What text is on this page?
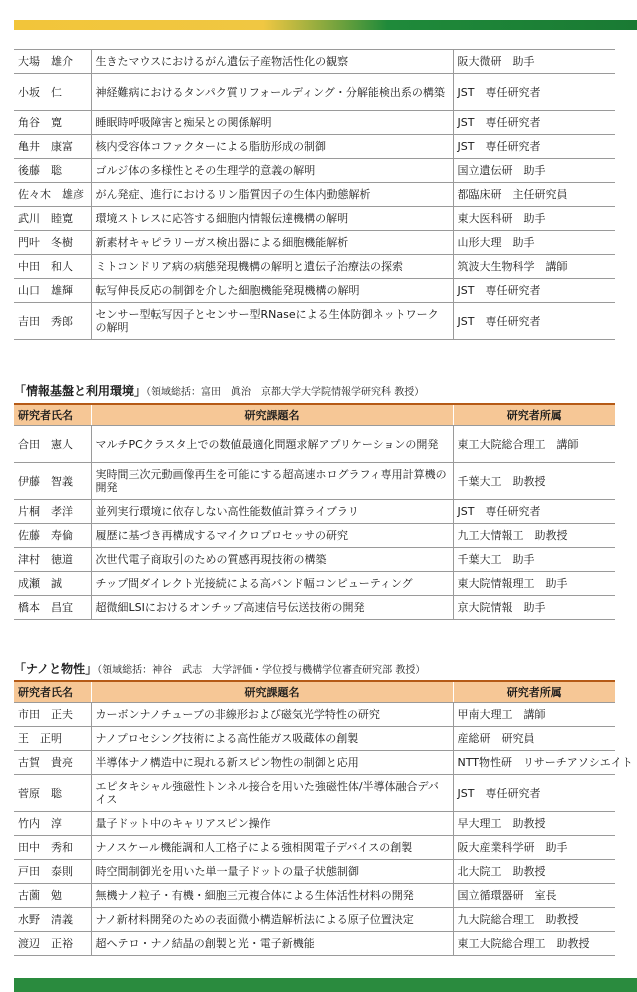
大場　雄介	生きたマウスにおけるがん遺伝子産物活性化の観察	阪大微研　助手
小坂　仁	神経難病におけるタンパク質リフォールディング・分解能検出系の構築	JST　専任研究者
角谷　寛	睡眠時呼吸障害と痴呆との関係解明	JST　専任研究者
亀井　康富	核内受容体コファクターによる脂肪形成の制御	JST　専任研究者
後藤　聡	ゴルジ体の多様性とその生理学的意義の解明	国立遺伝研　助手
佐々木　雄彦	がん発症、進行におけるリン脂質因子の生体内動態解析	都臨床研　主任研究員
武川　睦寛	環境ストレスに応答する細胞内情報伝達機構の解明	東大医科研　助手
門叶　冬樹	新素材キャピラリーガス検出器による細胞機能解析	山形大理　助手
中田　和人	ミトコンドリア病の病態発現機構の解明と遺伝子治療法の探索	筑波大生物科学　講師
山口　雄輝	転写伸長反応の制御を介した細胞機能発現機構の解明	JST　専任研究者
吉田　秀郎	センサー型転写因子とセンサー型RNaseによる生体防御ネットワークの解明	JST　専任研究者
「情報基盤と利用環境」（領域総括：富田　眞治　京都大学大学院情報学研究科 教授）
研究者氏名	研究課題名	研究者所属
合田　憲人	マルチPCクラスタ上での数値最適化問題求解アプリケーションの開発	東工大院総合理工　講師
伊藤　智義	実時間三次元動画像再生を可能にする超高速ホログラフィ専用計算機の開発	千葉大工　助教授
片桐　孝洋	並列実行環境に依存しない高性能数値計算ライブラリ	JST　専任研究者
佐藤　寿倫	履歴に基づき再構成するマイクロプロセッサの研究	九工大情報工　助教授
津村　徳道	次世代電子商取引のための質感再現技術の構築	千葉大工　助手
成瀬　誠	チップ間ダイレクト光接続による高バンド幅コンピューティング	東大院情報理工　助手
橋本　昌宜	超微細LSIにおけるオンチップ高速信号伝送技術の開発	京大院情報　助手
「ナノと物性」（領域総括：神谷　武志　大学評価・学位授与機構学位審査研究部 教授）
研究者氏名	研究課題名	研究者所属
市田　正夫	カーボンナノチューブの非線形および磁気光学特性の研究	甲南大理工　講師
王　正明	ナノプロセシング技術による高性能ガス吸蔵体の創製	産総研　研究員
古賀　貴亮	半導体ナノ構造中に現れる新スピン物性の制御と応用	NTT物性研　リサーチアソシエイト
菅原　聡	エピタキシャル強磁性トンネル接合を用いた強磁性体/半導体融合デバイス	JST　専任研究者
竹内　淳	量子ドット中のキャリアスピン操作	早大理工　助教授
田中　秀和	ナノスケール機能調和人工格子による強相関電子デバイスの創製	阪大産業科学研　助手
戸田　泰則	時空間制御光を用いた単一量子ドットの量子状態制御	北大院工　助教授
古薗　勉	無機ナノ粒子・有機・細胞三元複合体による生体活性材料の開発	国立循環器研　室長
水野　清義	ナノ新材料開発のための表面微小構造解析法による原子位置決定	九大院総合理工　助教授
渡辺　正裕	超ヘテロ・ナノ結晶の創製と光・電子新機能	東工大院総合理工　助教授
